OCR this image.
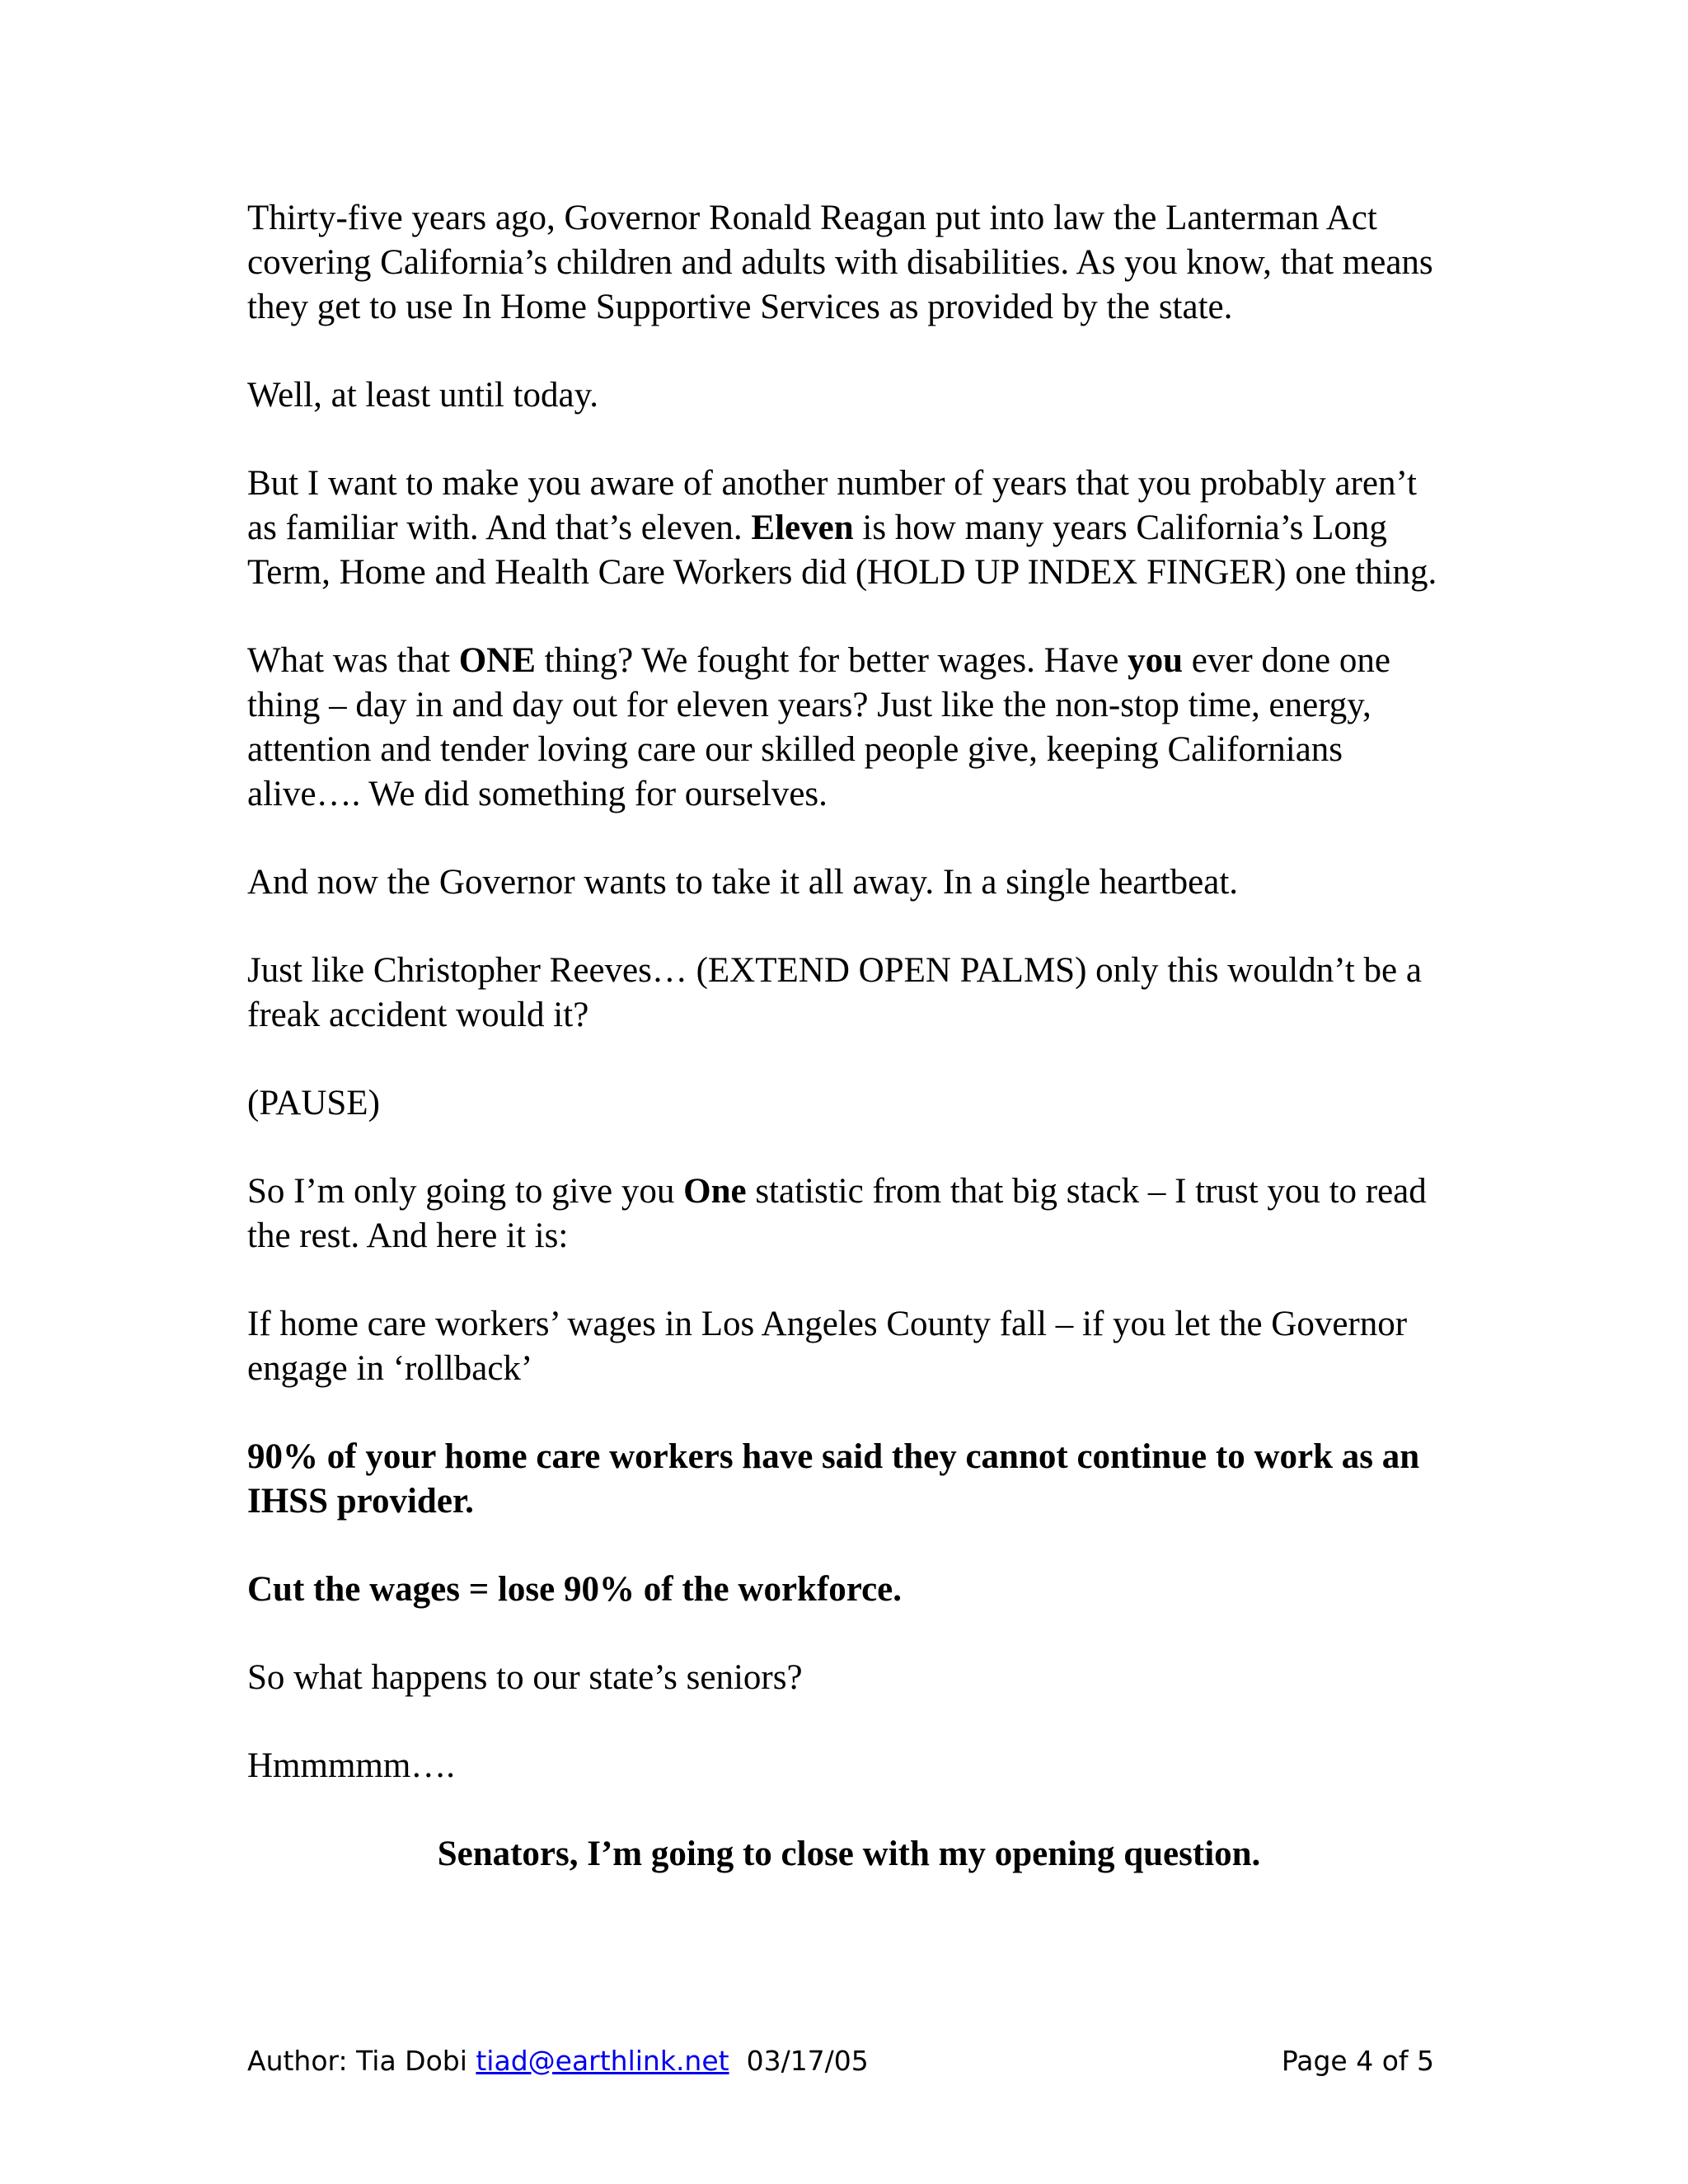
Thirty-five years ago, Governor Ronald Reagan put into law the Lanterman Act covering California’s children and adults with disabilities. As you know, that means they get to use In Home Supportive Services as provided by the state.

Well, at least until today.

But I want to make you aware of another number of years that you probably aren’t as familiar with. And that’s eleven. Eleven is how many years California’s Long Term, Home and Health Care Workers did (HOLD UP INDEX FINGER) one thing.

What was that ONE thing? We fought for better wages. Have you ever done one thing – day in and day out for eleven years? Just like the non-stop time, energy, attention and tender loving care our skilled people give, keeping Californians alive…. We did something for ourselves.

And now the Governor wants to take it all away. In a single heartbeat.

Just like Christopher Reeves… (EXTEND OPEN PALMS) only this wouldn’t be a freak accident would it?

(PAUSE)

So I’m only going to give you One statistic from that big stack – I trust you to read the rest. And here it is:

If home care workers’ wages in Los Angeles County fall – if you let the Governor engage in ‘rollback’

90% of your home care workers have said they cannot continue to work as an IHSS provider.

Cut the wages = lose 90% of the workforce.

So what happens to our state’s seniors?

Hmmmmm….

Senators, I’m going to close with my opening question.

Author: Tia Dobi tiad@earthlink.net 03/17/05	Page 4 of 5
